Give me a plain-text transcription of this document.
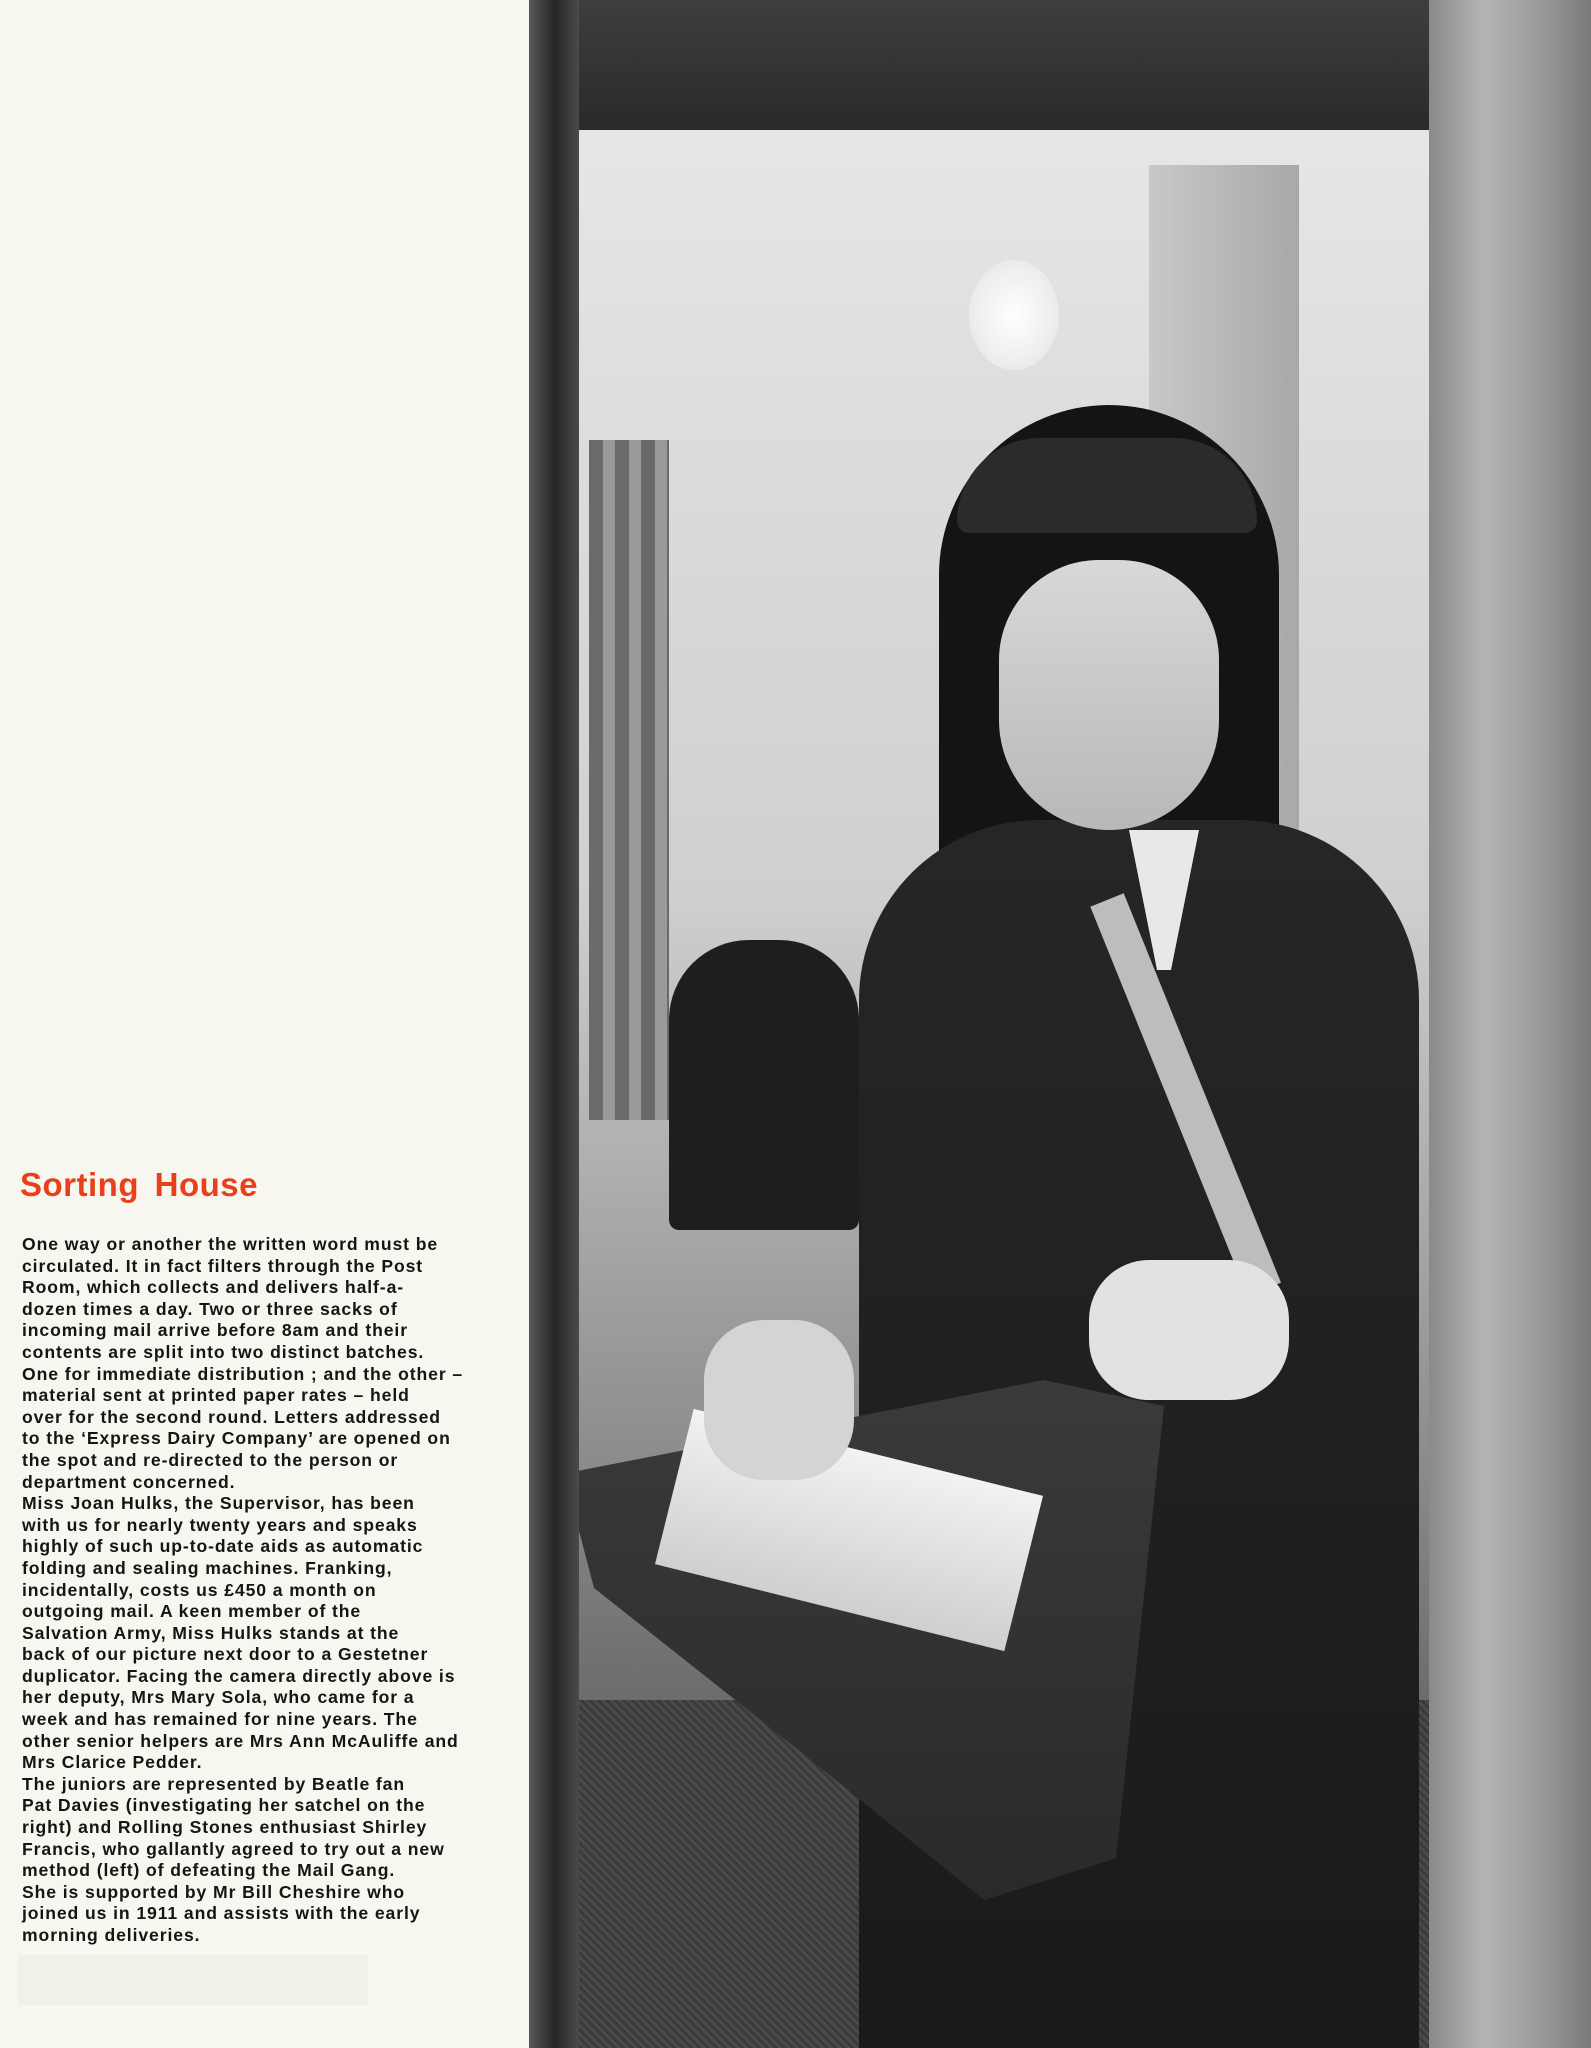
Sorting House
One way or another the written word must be
circulated. It in fact filters through the Post
Room, which collects and delivers half-a-
dozen times a day. Two or three sacks of
incoming mail arrive before 8am and their
contents are split into two distinct batches.
One for immediate distribution ; and the other –
material sent at printed paper rates – held
over for the second round. Letters addressed
to the ‘Express Dairy Company’ are opened on
the spot and re-directed to the person or
department concerned.
Miss Joan Hulks, the Supervisor, has been
with us for nearly twenty years and speaks
highly of such up-to-date aids as automatic
folding and sealing machines. Franking,
incidentally, costs us £450 a month on
outgoing mail. A keen member of the
Salvation Army, Miss Hulks stands at the
back of our picture next door to a Gestetner
duplicator. Facing the camera directly above is
her deputy, Mrs Mary Sola, who came for a
week and has remained for nine years. The
other senior helpers are Mrs Ann McAuliffe and
Mrs Clarice Pedder.
The juniors are represented by Beatle fan
Pat Davies (investigating her satchel on the
right) and Rolling Stones enthusiast Shirley
Francis, who gallantly agreed to try out a new
method (left) of defeating the Mail Gang.
She is supported by Mr Bill Cheshire who
joined us in 1911 and assists with the early
morning deliveries.
